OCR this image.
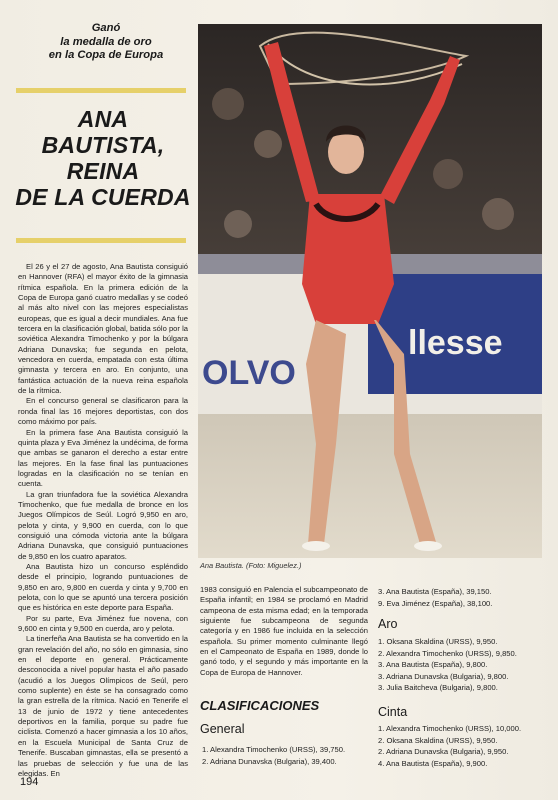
Ganó
la medalla de oro
en la Copa de Europa
ANA
BAUTISTA,
REINA
DE LA CUERDA

El 26 y el 27 de agosto, Ana Bautista consiguió en Hannover (RFA) el mayor éxito de la gimnasia rítmica española. En la primera edición de la Copa de Europa ganó cuatro medallas y se codeó al más alto nivel con las mejores especialistas europeas, que es igual a decir mundiales. Ana fue tercera en la clasificación global, batida sólo por la soviética Alexandra Timochenko y por la búlgara Adriana Dunavska; fue segunda en pelota, vencedora en cuerda, empatada con esta última gimnasta y tercera en aro. En conjunto, una fantástica actuación de la nueva reina española de la rítmica.

En el concurso general se clasificaron para la ronda final las 16 mejores deportistas, con dos como máximo por país.

En la primera fase Ana Bautista consiguió la quinta plaza y Eva Jiménez la undécima, de forma que ambas se ganaron el derecho a estar entre las mejores. En la fase final las puntuaciones logradas en la clasificación no se tenían en cuenta.

La gran triunfadora fue la soviética Alexandra Timochenko, que fue medalla de bronce en los Juegos Olímpicos de Seúl. Logró 9,950 en aro, pelota y cinta, y 9,900 en cuerda, con lo que consiguió una cómoda victoria ante la búlgara Adriana Dunavska, que consiguió puntuaciones de 9,850 en los cuatro aparatos.

Ana Bautista hizo un concurso espléndido desde el principio, logrando puntuaciones de 9,850 en aro, 9,800 en cuerda y cinta y 9,700 en pelota, con lo que se apuntó una tercera posición que es histórica en este deporte para España.

Por su parte, Eva Jiménez fue novena, con 9,600 en cinta y 9,500 en cuerda, aro y pelota.

La tinerfeña Ana Bautista se ha convertido en la gran revelación del año, no sólo en gimnasia, sino en el deporte en general. Prácticamente desconocida a nivel popular hasta el año pasado (acudió a los Juegos Olímpicos de Seúl, pero como suplente) en éste se ha consagrado como la gran estrella de la rítmica. Nació en Tenerife el 13 de junio de 1972 y tiene antecedentes deportivos en la familia, porque su padre fue ciclista. Comenzó a hacer gimnasia a los 10 años, en la Escuela Municipal de Santa Cruz de Tenerife. Buscaban gimnastas, ella se presentó a las pruebas de selección y fue una de las elegidas. En

OLVO
llesse
Ana Bautista. (Foto: Miguelez.)

1983 consiguió en Palencia el subcampeonato de España infantil; en 1984 se proclamó en Madrid campeona de esta misma edad; en la temporada siguiente fue subcampeona de segunda categoría y en 1986 fue incluida en la selección española. Su primer momento culminante llegó en el Campeonato de España en 1989, donde lo ganó todo, y el segundo y más importante en la Copa de Europa de Hannover.

CLASIFICACIONES
General
1. Alexandra Timochenko (URSS), 39,750.
2. Adriana Dunavska (Bulgaria), 39,400.
3. Ana Bautista (España), 39,150.
9. Eva Jiménez (España), 38,100.
Aro
1. Oksana Skaldina (URSS), 9,950.
2. Alexandra Timochenko (URSS), 9,850.
3. Ana Bautista (España), 9,800.
3. Adriana Dunavska (Bulgaria), 9,800.
3. Julia Baitcheva (Bulgaria), 9,800.
Cinta
1. Alexandra Timochenko (URSS), 10,000.
2. Oksana Skaldina (URSS), 9,950.
2. Adriana Dunavska (Bulgaria), 9,950.
4. Ana Bautista (España), 9,900.
194
